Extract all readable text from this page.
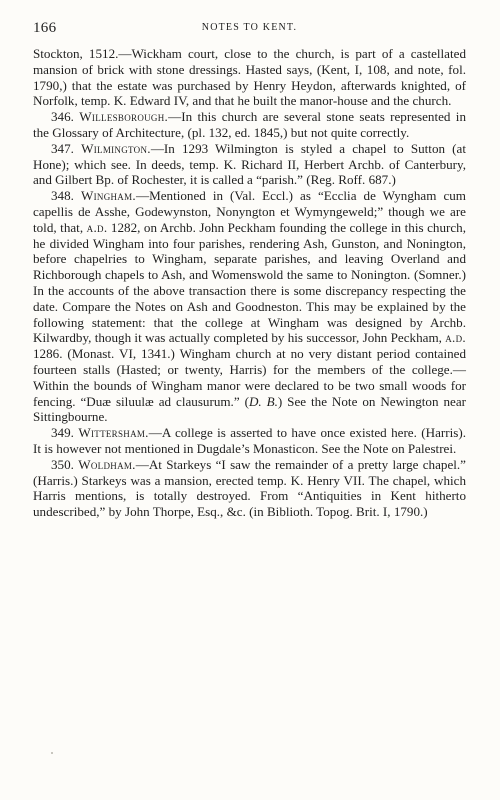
166	NOTES TO KENT.

Stockton, 1512.—Wickham court, close to the church, is part of a castellated mansion of brick with stone dressings. Hasted says, (Kent, I, 108, and note, fol. 1790,) that the estate was purchased by Henry Heydon, afterwards knighted, of Norfolk, temp. K. Edward IV, and that he built the manor-house and the church.

346. Willesborough.—In this church are several stone seats represented in the Glossary of Architecture, (pl. 132, ed. 1845,) but not quite correctly.

347. Wilmington.—In 1293 Wilmington is styled a chapel to Sutton (at Hone); which see. In deeds, temp. K. Richard II, Herbert Archb. of Canterbury, and Gilbert Bp. of Rochester, it is called a “parish.” (Reg. Roff. 687.)

348. Wingham.—Mentioned in (Val. Eccl.) as “Ecclia de Wyngham cum capellis de Asshe, Godewynston, Nonyngton et Wymyngeweld;” though we are told, that, a.d. 1282, on Archb. John Peckham founding the college in this church, he divided Wingham into four parishes, rendering Ash, Gunston, and Nonington, before chapelries to Wingham, separate parishes, and leaving Overland and Richborough chapels to Ash, and Womenswold the same to Nonington. (Somner.) In the accounts of the above transaction there is some discrepancy respecting the date. Compare the Notes on Ash and Goodneston. This may be explained by the following statement: that the college at Wingham was designed by Archb. Kilwardby, though it was actually completed by his successor, John Peckham, a.d. 1286. (Monast. VI, 1341.) Wingham church at no very distant period contained fourteen stalls (Hasted; or twenty, Harris) for the members of the college.—Within the bounds of Wingham manor were declared to be two small woods for fencing. “Duæ siluulæ ad clausurum.” (D. B.) See the Note on Newington near Sittingbourne.

349. Wittersham.—A college is asserted to have once existed here. (Harris). It is however not mentioned in Dugdale’s Monasticon. See the Note on Palestrei.

350. Woldham.—At Starkeys “I saw the remainder of a pretty large chapel.” (Harris.) Starkeys was a mansion, erected temp. K. Henry VII. The chapel, which Harris mentions, is totally destroyed. From “Antiquities in Kent hitherto undescribed,” by John Thorpe, Esq., &c. (in Biblioth. Topog. Brit. I, 1790.)
